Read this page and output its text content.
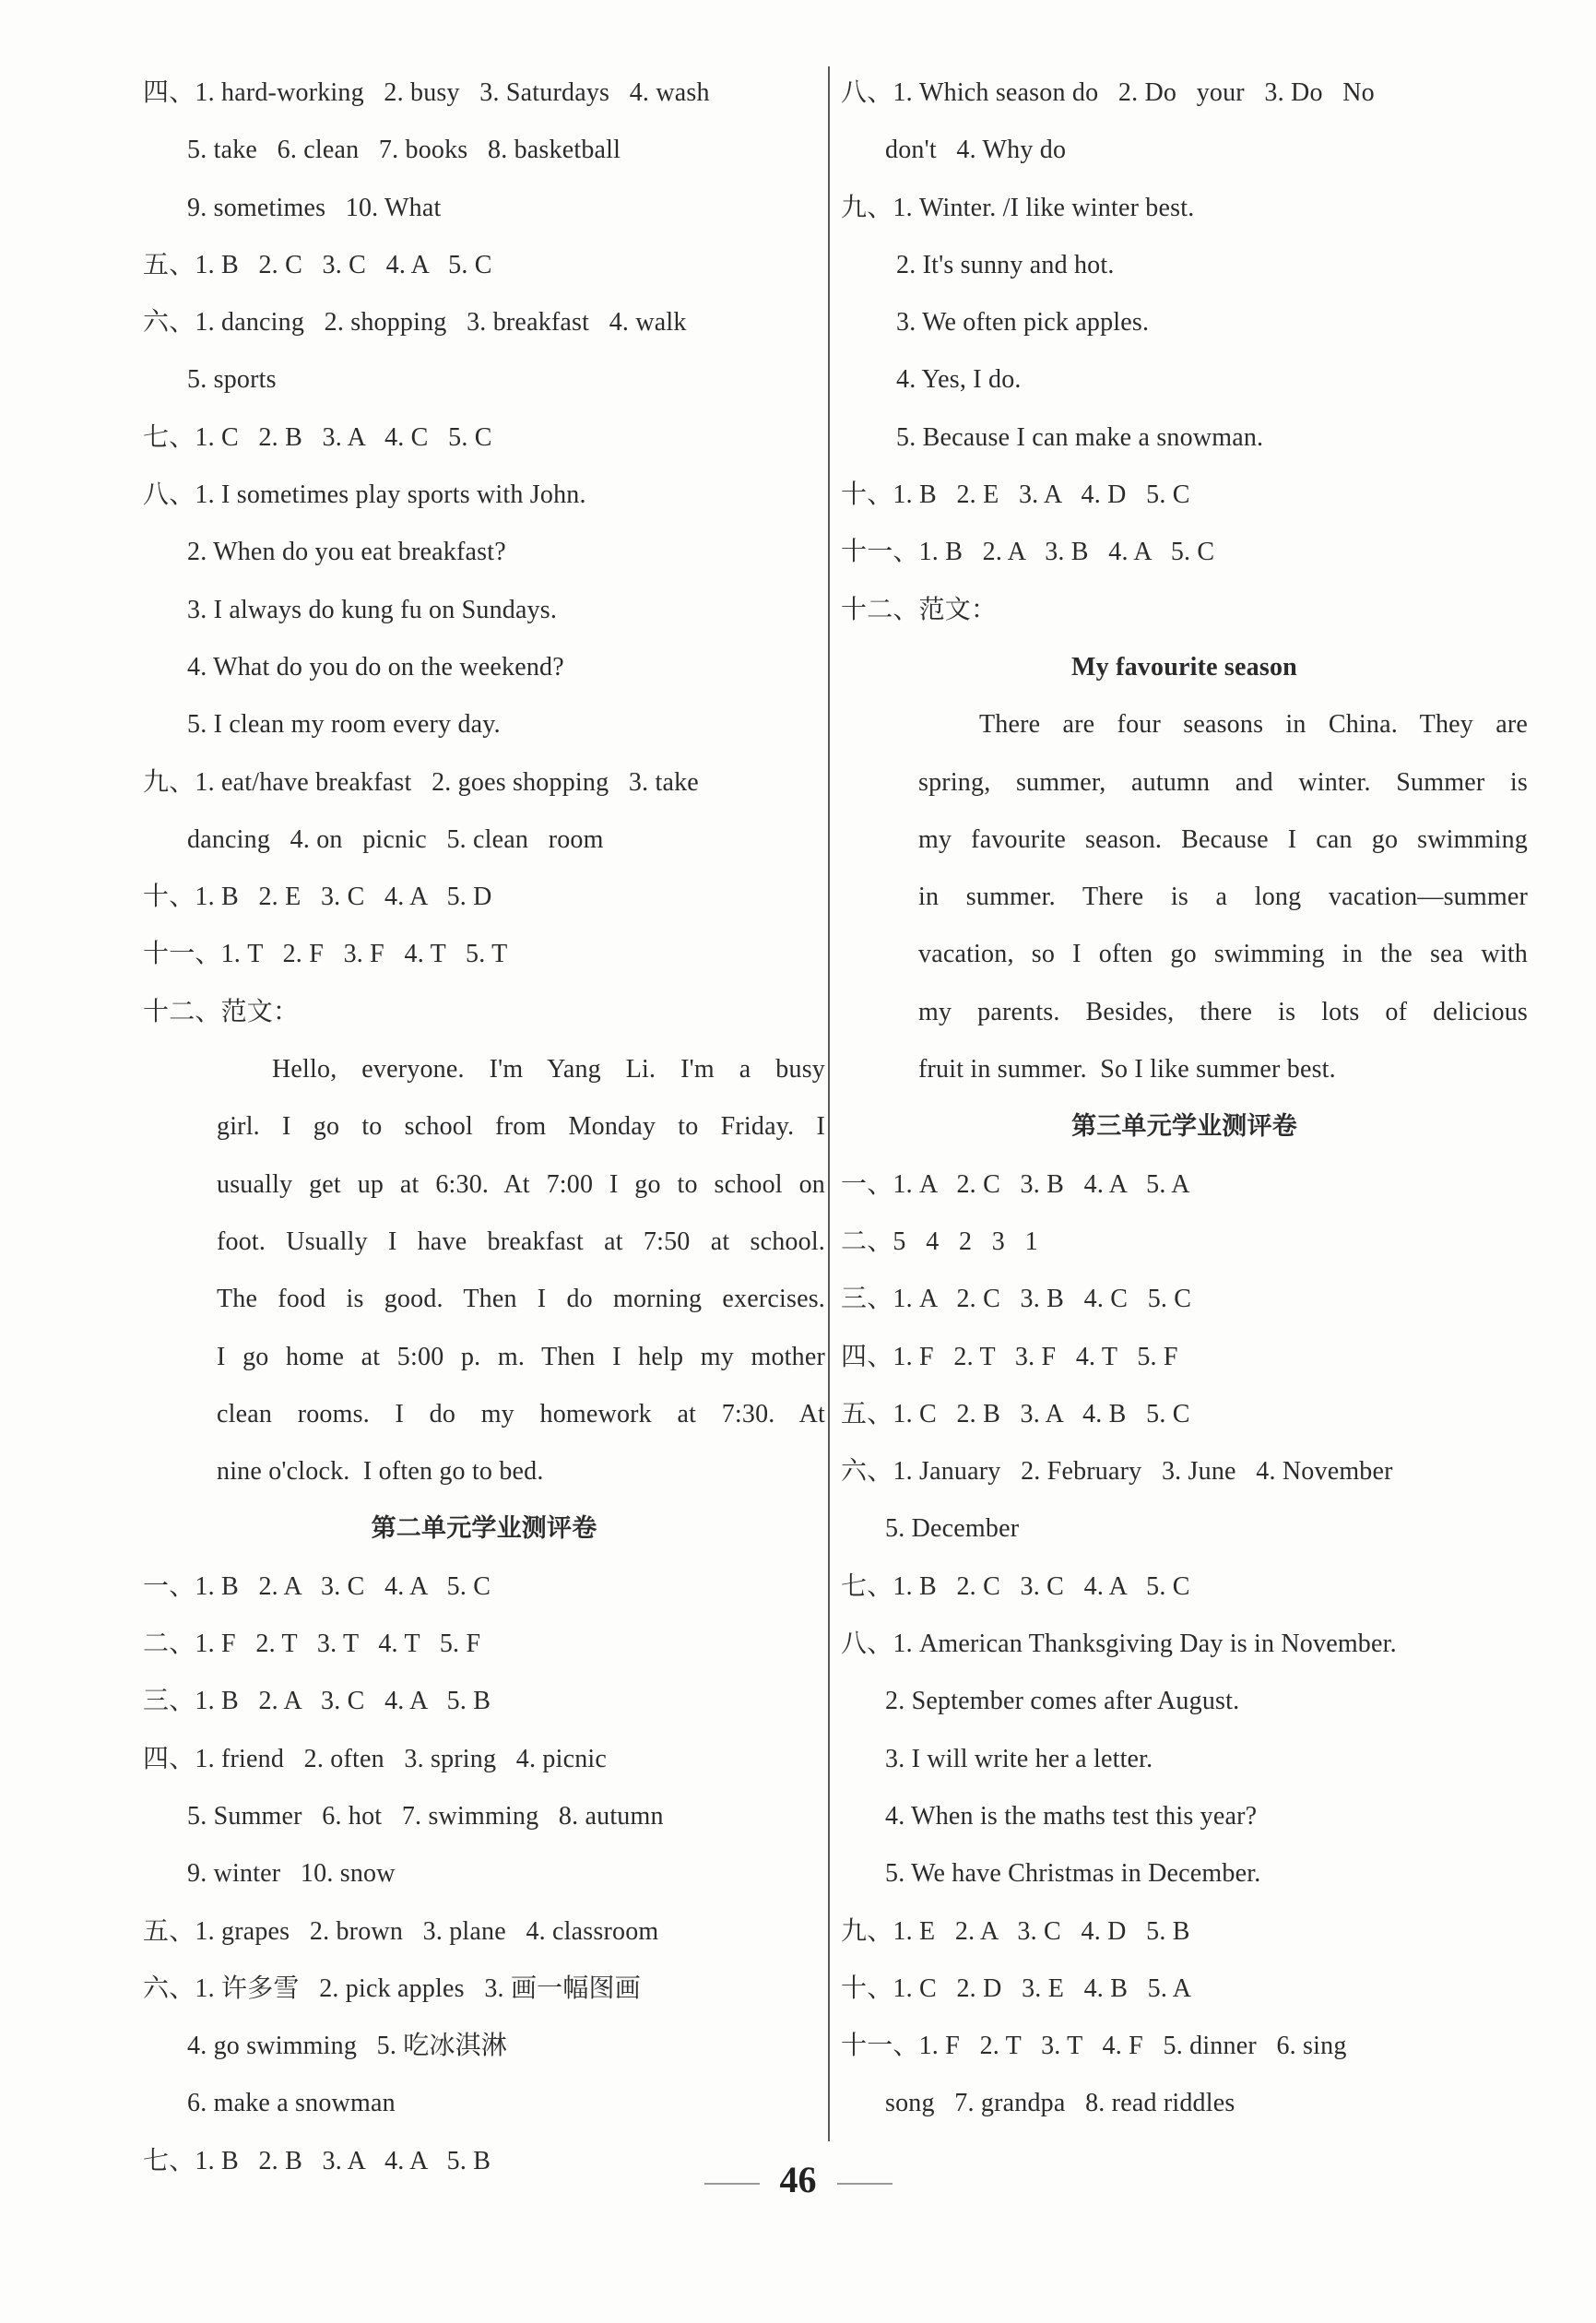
四、1. hard-working   2. busy   3. Saturdays   4. wash
5. take   6. clean   7. books   8. basketball
9. sometimes   10. What
五、1. B   2. C   3. C   4. A   5. C
六、1. dancing   2. shopping   3. breakfast   4. walk
5. sports
七、1. C   2. B   3. A   4. C   5. C
八、1. I sometimes play sports with John.
2. When do you eat breakfast?
3. I always do kung fu on Sundays.
4. What do you do on the weekend?
5. I clean my room every day.
九、1. eat/have breakfast   2. goes shopping   3. take
dancing   4. on   picnic   5. clean   room
十、1. B   2. E   3. C   4. A   5. D
十一、1. T   2. F   3. F   4. T   5. T
十二、范文：
Hello, everyone. I'm Yang Li. I'm a busy
girl. I go to school from Monday to Friday. I
usually get up at 6:30. At 7:00 I go to school on
foot. Usually I have breakfast at 7:50 at school.
The food is good. Then I do morning exercises.
I go home at 5:00 p. m. Then I help my mother
clean rooms. I do my homework at 7:30. At
nine o'clock.  I often go to bed.
第二单元学业测评卷
一、1. B   2. A   3. C   4. A   5. C
二、1. F   2. T   3. T   4. T   5. F
三、1. B   2. A   3. C   4. A   5. B
四、1. friend   2. often   3. spring   4. picnic
5. Summer   6. hot   7. swimming   8. autumn
9. winter   10. snow
五、1. grapes   2. brown   3. plane   4. classroom
六、1. 许多雪   2. pick apples   3. 画一幅图画
4. go swimming   5. 吃冰淇淋
6. make a snowman
七、1. B   2. B   3. A   4. A   5. B
八、1. Which season do   2. Do   your   3. Do   No
don't   4. Why do
九、1. Winter. /I like winter best.
2. It's sunny and hot.
3. We often pick apples.
4. Yes, I do.
5. Because I can make a snowman.
十、1. B   2. E   3. A   4. D   5. C
十一、1. B   2. A   3. B   4. A   5. C
十二、范文：
My favourite season
There are four seasons in China. They are
spring, summer, autumn and winter. Summer is
my favourite season. Because I can go swimming
in summer. There is a long vacation—summer
vacation, so I often go swimming in the sea with
my parents. Besides, there is lots of delicious
fruit in summer.  So I like summer best.
第三单元学业测评卷
一、1. A   2. C   3. B   4. A   5. A
二、5   4   2   3   1
三、1. A   2. C   3. B   4. C   5. C
四、1. F   2. T   3. F   4. T   5. F
五、1. C   2. B   3. A   4. B   5. C
六、1. January   2. February   3. June   4. November
5. December
七、1. B   2. C   3. C   4. A   5. C
八、1. American Thanksgiving Day is in November.
2. September comes after August.
3. I will write her a letter.
4. When is the maths test this year?
5. We have Christmas in December.
九、1. E   2. A   3. C   4. D   5. B
十、1. C   2. D   3. E   4. B   5. A
十一、1. F   2. T   3. T   4. F   5. dinner   6. sing
song   7. grandpa   8. read riddles
46
